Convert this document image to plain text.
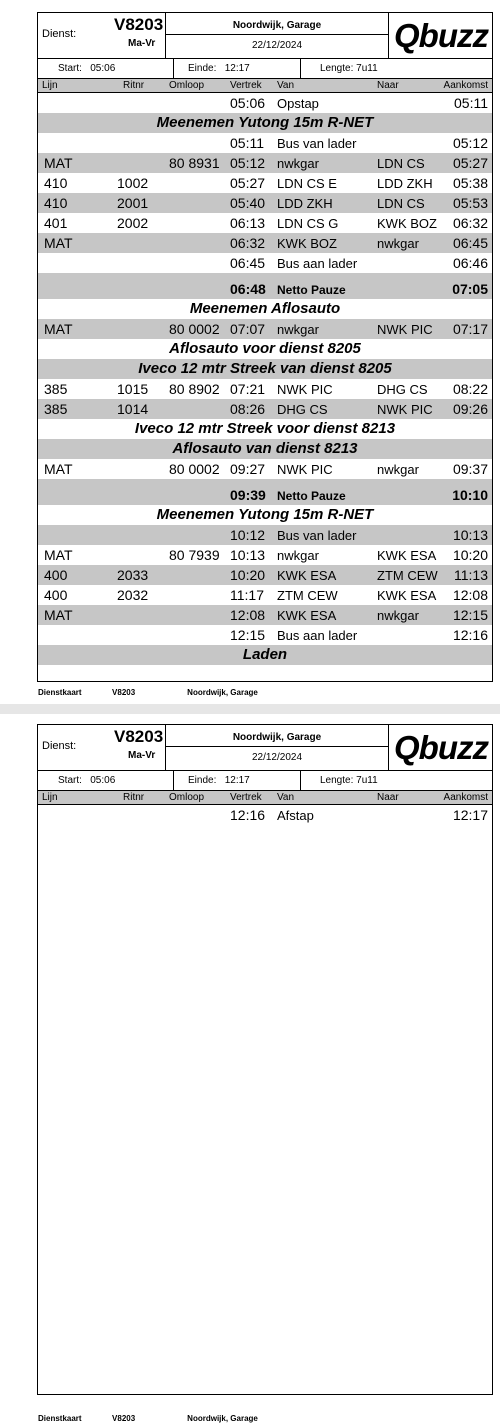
Dienst: V8203
Ma-Vr
Noordwijk, Garage
22/12/2024	Qbuzz
Start: 05:06	Einde: 12:17	Lengte: 7u11
Lijn	Ritnr Omloop	Vertrek Van	Naar	Aankomst
05:06 Opstap	05:11
Meenemen Yutong 15m R-NET
05:11 Bus van lader	05:12
MAT	80 8931 05:12 nwkgar	LDN CS 05:27
410	1002	05:27 LDN CS E	LDD ZKH 05:38
410	2001	05:40 LDD ZKH	LDN CS 05:53
401	2002	06:13 LDN CS G	KWK BOZ 06:32
MAT	06:32 KWK BOZ	nwkgar 06:45
06:45 Bus aan lader	06:46
06:48 Netto Pauze	07:05
Meenemen Aflosauto
MAT	80 0002 07:07 nwkgar	NWK PIC 07:17
Aflosauto voor dienst 8205
Iveco 12 mtr Streek van dienst 8205
385	1015 80 8902 07:21 NWK PIC	DHG CS 08:22
385	1014	08:26 DHG CS	NWK PIC 09:26
Iveco 12 mtr Streek voor dienst 8213
Aflosauto van dienst 8213
MAT	80 0002 09:27 NWK PIC	nwkgar 09:37
09:39 Netto Pauze	10:10
Meenemen Yutong 15m R-NET
10:12 Bus van lader	10:13
MAT	80 7939 10:13 nwkgar	KWK ESA 10:20
400	2033	10:20 KWK ESA	ZTM CEW 11:13
400	2032	11:17 ZTM CEW	KWK ESA 12:08
MAT	12:08 KWK ESA	nwkgar 12:15
12:15 Bus aan lader	12:16
Laden
Dienstkaart	V8203	Noordwijk, Garage
Dienst: V8203
Ma-Vr
Noordwijk, Garage
22/12/2024	Qbuzz
Start: 05:06	Einde: 12:17	Lengte: 7u11
Lijn	Ritnr Omloop	Vertrek Van	Naar	Aankomst
12:16 Afstap	12:17
Dienstkaart	V8203	Noordwijk, Garage
